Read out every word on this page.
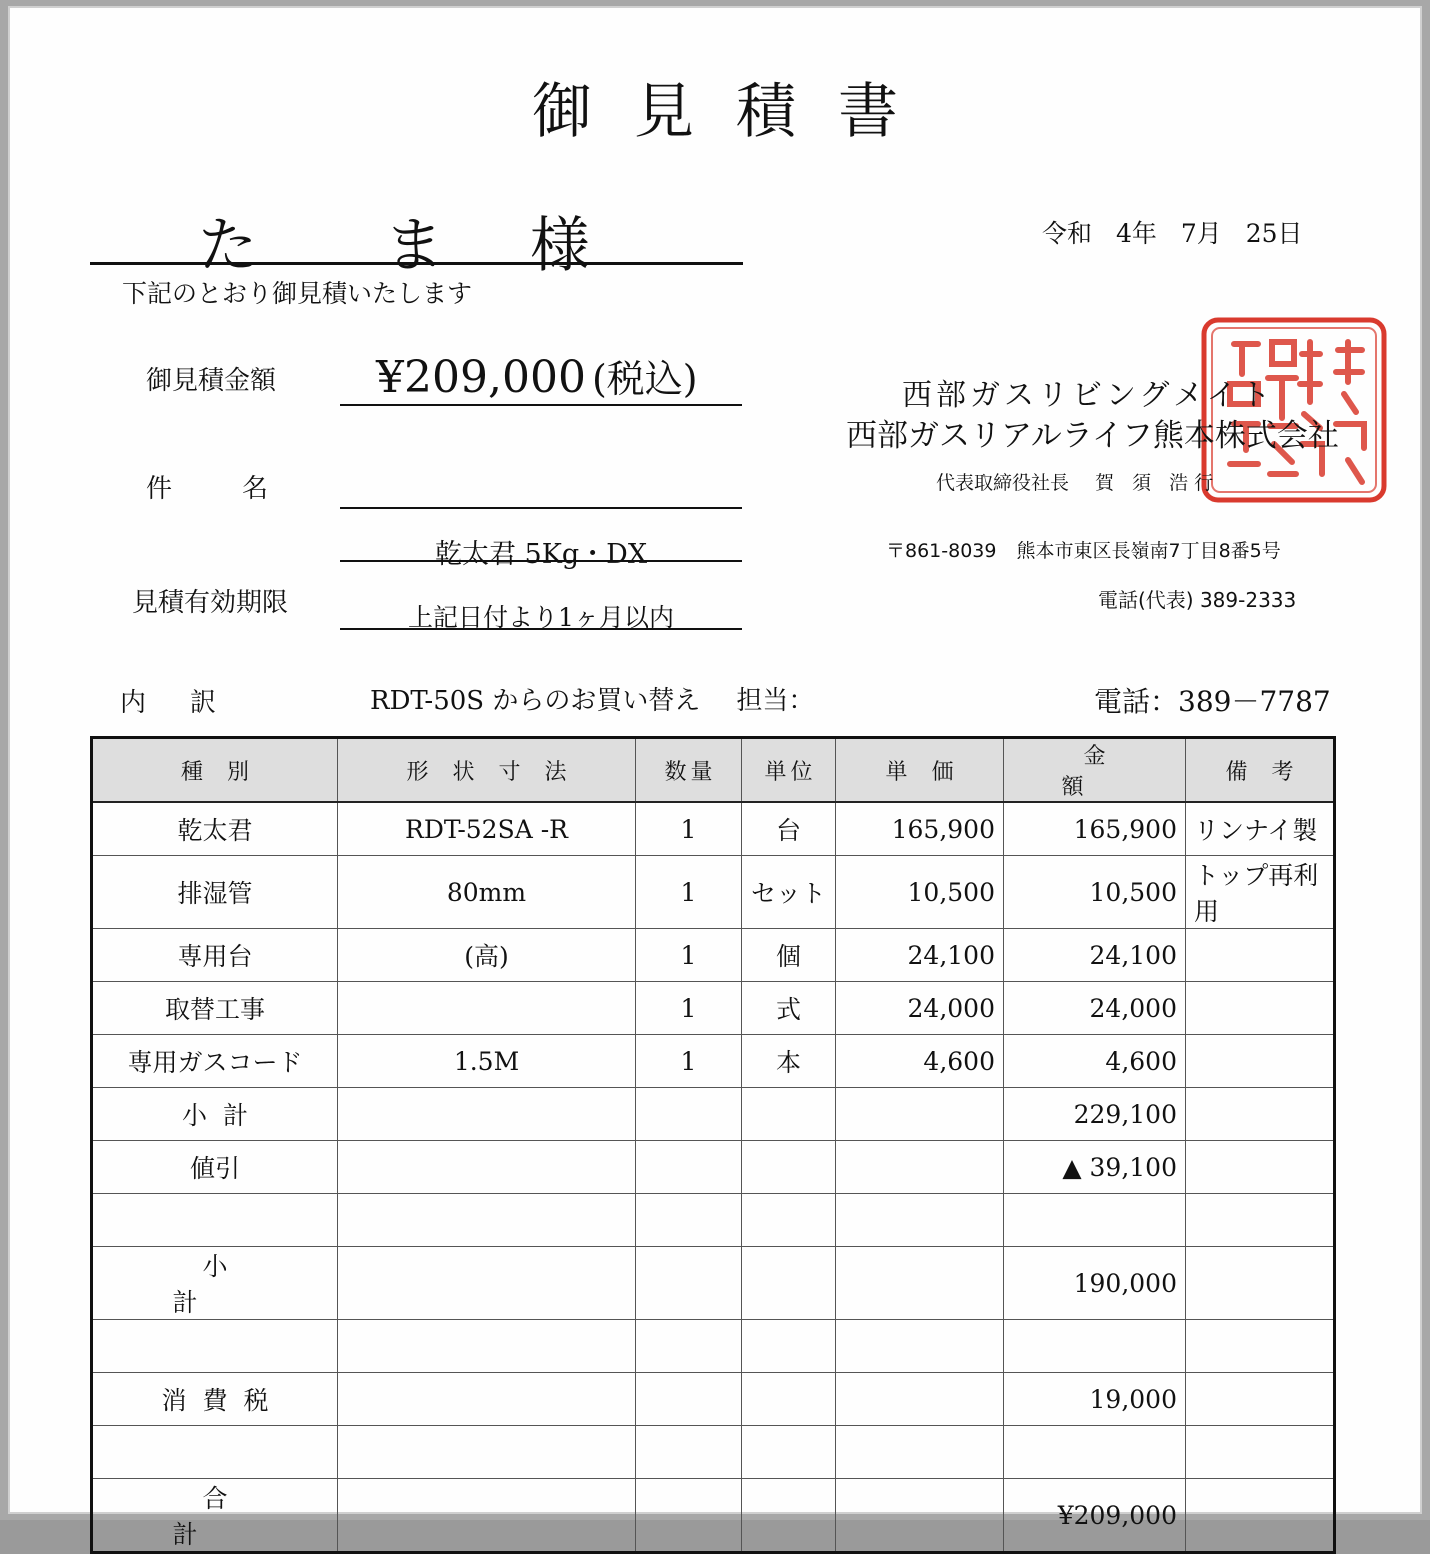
御見積書
た ま 様	令和 4年 7月 25日
下記のとおり御見積いたします
御見積金額 ¥209,000 (税込)
件　　名
乾太君 5Kg・DX
見積有効期限	上記日付より1ヶ月以内
西部ガスリビングメイト
西部ガスリアルライフ熊本株式会社
代表取締役社長 賀 須 浩行
〒861-8039 熊本市東区長嶺南7丁目8番5号
電話(代表) 389-2333
内訳	RDT-50S からのお買い替え 担当：	電話：389－7787
種別	形状寸法	数量	単位	単価	金額	備考
乾太君	RDT-52SA -R	1	台	165,900	165,900	リンナイ製
排湿管	80mm	1	セット	10,500	10,500	トップ再利用
専用台	(高)	1	個	24,100	24,100	
取替工事		1	式	24,000	24,000	
専用ガスコード	1.5M	1	本	4,600	4,600	
小計					229,100	
値引					▲ 39,100	

小計					190,000	

消費税					19,000	

合計					¥209,000	
